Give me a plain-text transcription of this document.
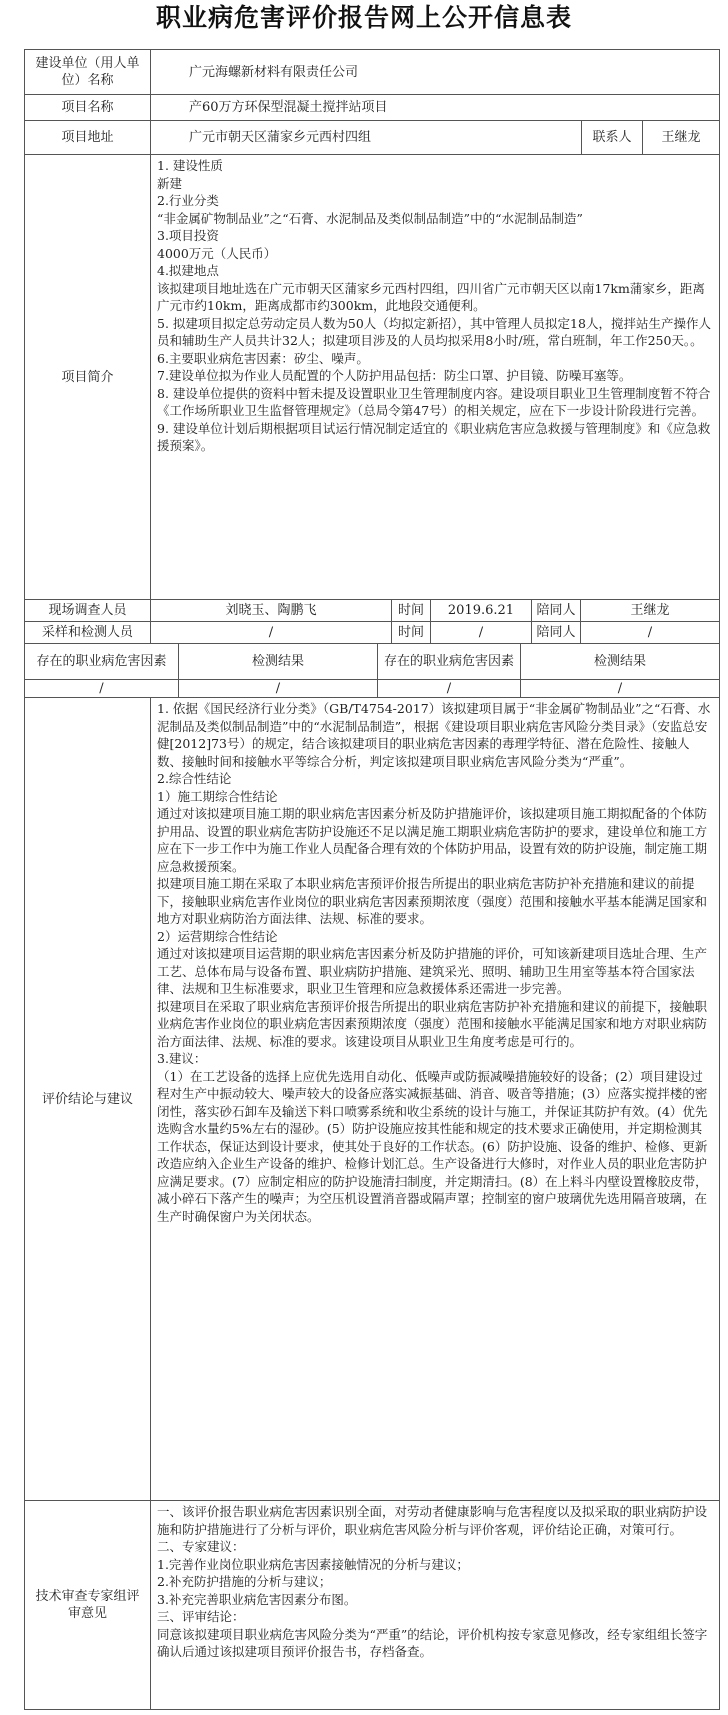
职业病危害评价报告网上公开信息表
建设单位（用人单位）名称
广元海螺新材料有限责任公司
项目名称	产60万方环保型混凝土搅拌站项目
项目地址	广元市朝天区蒲家乡元西村四组	联系人	王继龙
项目简介

1. 建设性质

新建

2.行业分类

“非金属矿物制品业”之“石膏、水泥制品及类似制品制造”中的“水泥制品制造”

3.项目投资

4000万元（人民币）

4.拟建地点

该拟建项目地址选在广元市朝天区蒲家乡元西村四组，四川省广元市朝天区以南17km蒲家乡，距离广元市约10km，距离成都市约300km，此地段交通便利。

5. 拟建项目拟定总劳动定员人数为50人（均拟定新招），其中管理人员拟定18人，搅拌站生产操作人员和辅助生产人员共计32人；拟建项目涉及的人员均拟采用8小时/班，常白班制，年工作250天。。

6.主要职业病危害因素：矽尘、噪声。

7.建设单位拟为作业人员配置的个人防护用品包括：防尘口罩、护目镜、防噪耳塞等。

8. 建设单位提供的资料中暂未提及设置职业卫生管理制度内容。建设项目职业卫生管理制度暂不符合《工作场所职业卫生监督管理规定》（总局令第47号）的相关规定，应在下一步设计阶段进行完善。

9. 建设单位计划后期根据项目试运行情况制定适宜的《职业病危害应急救援与管理制度》和《应急救援预案》。

现场调查人员	刘晓玉、陶鹏飞	时间	2019.6.21	陪同人	王继龙
采样和检测人员	/	时间	/	陪同人	/
存在的职业病危害因素	检测结果	存在的职业病危害因素	检测结果
/	/	/	/
评价结论与建议

1. 依据《国民经济行业分类》（GB/T4754-2017）该拟建项目属于“非金属矿物制品业”之“石膏、水泥制品及类似制品制造”中的“水泥制品制造”，根据《建设项目职业病危害风险分类目录》（安监总安健[2012]73号）的规定，结合该拟建项目的职业病危害因素的毒理学特征、潜在危险性、接触人数、接触时间和接触水平等综合分析，判定该拟建项目职业病危害风险分类为“严重”。

2.综合性结论

1）施工期综合性结论

通过对该拟建项目施工期的职业病危害因素分析及防护措施评价，该拟建项目施工期拟配备的个体防护用品、设置的职业病危害防护设施还不足以满足施工期职业病危害防护的要求，建设单位和施工方应在下一步工作中为施工作业人员配备合理有效的个体防护用品，设置有效的防护设施，制定施工期应急救援预案。

拟建项目施工期在采取了本职业病危害预评价报告所提出的职业病危害防护补充措施和建议的前提下，接触职业病危害作业岗位的职业病危害因素预期浓度（强度）范围和接触水平基本能满足国家和地方对职业病防治方面法律、法规、标准的要求。

2）运营期综合性结论

通过对该拟建项目运营期的职业病危害因素分析及防护措施的评价，可知该新建项目选址合理、生产工艺、总体布局与设备布置、职业病防护措施、建筑采光、照明、辅助卫生用室等基本符合国家法律、法规和卫生标准要求，职业卫生管理和应急救援体系还需进一步完善。

拟建项目在采取了职业病危害预评价报告所提出的职业病危害防护补充措施和建议的前提下，接触职业病危害作业岗位的职业病危害因素预期浓度（强度）范围和接触水平能满足国家和地方对职业病防治方面法律、法规、标准的要求。该建设项目从职业卫生角度考虑是可行的。

3.建议：

（1）在工艺设备的选择上应优先选用自动化、低噪声或防振减噪措施较好的设备；(2）项目建设过程对生产中振动较大、噪声较大的设备应落实减振基础、消音、吸音等措施；(3）应落实搅拌楼的密闭性，落实砂石卸车及输送下料口喷雾系统和收尘系统的设计与施工，并保证其防护有效。(4）优先选购含水量约5%左右的湿砂。(5）防护设施应按其性能和规定的技术要求正确使用，并定期检测其工作状态，保证达到设计要求，使其处于良好的工作状态。(6）防护设施、设备的维护、检修、更新改造应纳入企业生产设备的维护、检修计划汇总。生产设备进行大修时，对作业人员的职业危害防护应满足要求。(7）应制定相应的防护设施清扫制度，并定期清扫。(8）在上料斗内壁设置橡胶皮带，减小碎石下落产生的噪声；为空压机设置消音器或隔声罩；控制室的窗户玻璃优先选用隔音玻璃，在生产时确保窗户为关闭状态。

技术审查专家组评审意见

一、该评价报告职业病危害因素识别全面，对劳动者健康影响与危害程度以及拟采取的职业病防护设施和防护措施进行了分析与评价，职业病危害风险分析与评价客观，评价结论正确，对策可行。

二、专家建议：

1.完善作业岗位职业病危害因素接触情况的分析与建议；

2.补充防护措施的分析与建议；

3.补充完善职业病危害因素分布图。

三、评审结论：

同意该拟建项目职业病危害风险分类为“严重”的结论，评价机构按专家意见修改，经专家组组长签字确认后通过该拟建项目预评价报告书，存档备查。
